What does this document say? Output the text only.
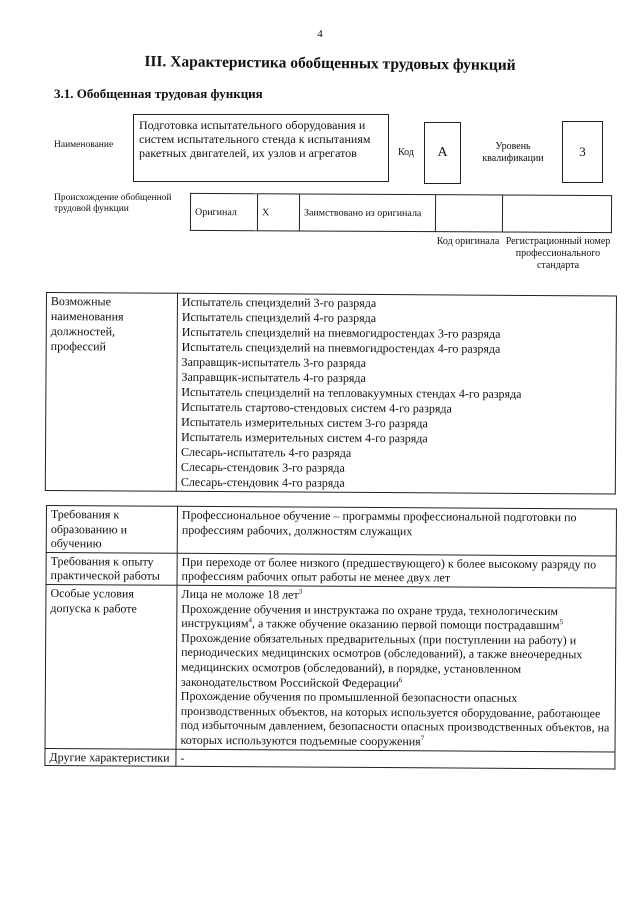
4
III. Характеристика обобщенных трудовых функций
3.1. Обобщенная трудовая функция
Наименование
Подготовка испытательного оборудования и систем испытательного стенда к испытаниям ракетных двигателей, их узлов и агрегатов	Код	А	Уровень квалификации	3
Происхождение обобщенной трудовой функции	Оригинал	X	Заимствовано из оригинала		
Код оригинала Регистрационный номер профессионального стандарта
Возможные наименования должностей, профессий	
Испытатель специзделий 3-го разряда
Испытатель специзделий 4-го разряда
Испытатель специзделий на пневмогидростендах 3-го разряда
Испытатель специзделий на пневмогидростендах 4-го разряда
Заправщик-испытатель 3-го разряда
Заправщик-испытатель 4-го разряда
Испытатель специзделий на тепловакуумных стендах 4-го разряда
Испытатель стартово-стендовых систем 4-го разряда
Испытатель измерительных систем 3-го разряда
Испытатель измерительных систем 4-го разряда
Слесарь-испытатель 4-го разряда
Слесарь-стендовик 3-го разряда
Слесарь-стендовик 4-го разряда
Требования к образованию и обучению	Профессиональное обучение – программы профессиональной подготовки по профессиям рабочих, должностям служащих
Требования к опыту практической работы	При переходе от более низкого (предшествующего) к более высокому разряду по профессиям рабочих опыт работы не менее двух лет
Особые условия допуска к работе	Лица не моложе 18 лет$^3$
Прохождение обучения и инструктажа по охране труда, технологическим инструкциям$^4$, а также обучение оказанию первой помощи пострадавшим$^5$
Прохождение обязательных предварительных (при поступлении на работу) и периодических медицинских осмотров (обследований), а также внеочередных медицинских осмотров (обследований), в порядке, установленном законодательством Российской Федерации$^6$
Прохождение обучения по промышленной безопасности опасных производственных объектов, на которых используется оборудование, работающее под избыточным давлением, безопасности опасных производственных объектов, на которых используются подъемные сооружения$^7$

Другие характеристики	-
